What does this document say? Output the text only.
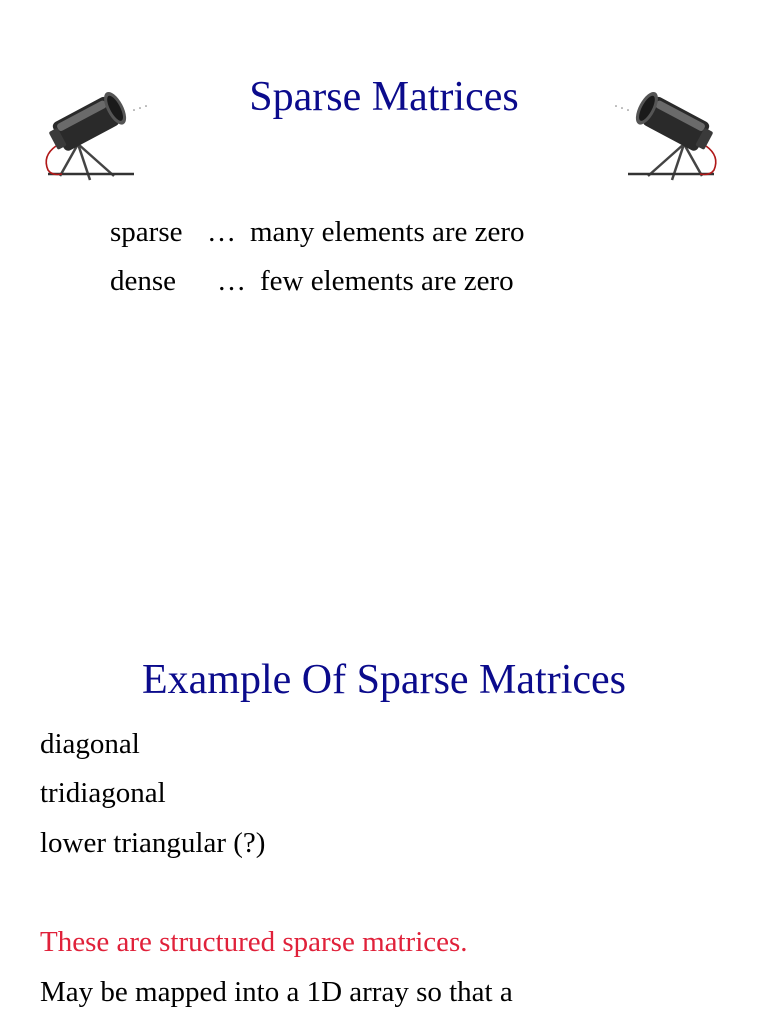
Sparse Matrices
sparse … many elements are zero
dense … few elements are zero
Example Of Sparse Matrices
diagonal
tridiagonal
lower triangular (?)
These are structured sparse matrices.
May be mapped into a 1D array so that a
